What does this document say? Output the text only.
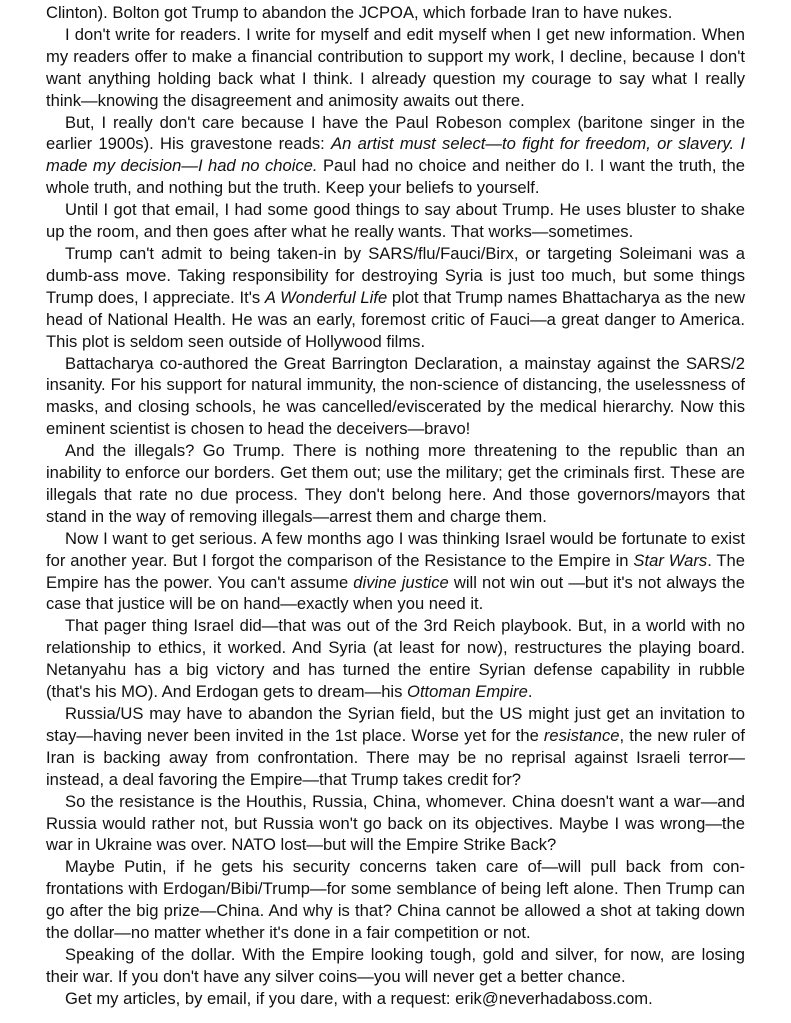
Clinton). Bolton got Trump to abandon the JCPOA, which forbade Iran to have nukes.

I don't write for readers. I write for myself and edit myself when I get new information. When my readers offer to make a financial contribution to support my work, I decline, because I don't want anything holding back what I think. I already question my courage to say what I really think—knowing the disagreement and animosity awaits out there.

But, I really don't care because I have the Paul Robeson complex (baritone singer in the earlier 1900s). His gravestone reads: An artist must select—to fight for freedom, or slavery. I made my decision—I had no choice. Paul had no choice and neither do I. I want the truth, the whole truth, and nothing but the truth. Keep your beliefs to yourself.

Until I got that email, I had some good things to say about Trump. He uses bluster to shake up the room, and then goes after what he really wants. That works—sometimes.

Trump can't admit to being taken-in by SARS/flu/Fauci/Birx, or targeting Soleimani was a dumb-ass move. Taking responsibility for destroying Syria is just too much, but some things Trump does, I appreciate. It's A Wonderful Life plot that Trump names Bhattacharya as the new head of National Health. He was an early, foremost critic of Fauci—a great danger to America. This plot is seldom seen outside of Hollywood films.

Battacharya co-authored the Great Barrington Declaration, a mainstay against the SARS/2 insanity. For his support for natural immunity, the non-science of distancing, the uselessness of masks, and closing schools, he was cancelled/eviscerated by the medical hierarchy. Now this eminent scientist is chosen to head the deceivers—bravo!

And the illegals? Go Trump. There is nothing more threatening to the republic than an inability to enforce our borders. Get them out; use the military; get the criminals first. These are illegals that rate no due process. They don't belong here. And those governors/mayors that stand in the way of removing illegals—arrest them and charge them.

Now I want to get serious. A few months ago I was thinking Israel would be fortunate to exist for another year. But I forgot the comparison of the Resistance to the Empire in Star Wars. The Empire has the power. You can't assume divine justice will not win out —but it's not always the case that justice will be on hand—exactly when you need it.

That pager thing Israel did—that was out of the 3rd Reich playbook. But, in a world with no relationship to ethics, it worked. And Syria (at least for now), restructures the playing board. Netanyahu has a big victory and has turned the entire Syrian defense capability in rubble (that's his MO). And Erdogan gets to dream—his Ottoman Empire.

Russia/US may have to abandon the Syrian field, but the US might just get an invitation to stay—having never been invited in the 1st place. Worse yet for the resistance, the new ruler of Iran is backing away from confrontation. There may be no reprisal against Israeli terror—instead, a deal favoring the Empire—that Trump takes credit for?

So the resistance is the Houthis, Russia, China, whomever. China doesn't want a war—and Russia would rather not, but Russia won't go back on its objectives. Maybe I was wrong—the war in Ukraine was over. NATO lost—but will the Empire Strike Back?

Maybe Putin, if he gets his security concerns taken care of—will pull back from confrontations with Erdogan/Bibi/Trump—for some semblance of being left alone. Then Trump can go after the big prize—China. And why is that? China cannot be allowed a shot at taking down the dollar—no matter whether it's done in a fair competition or not.

Speaking of the dollar. With the Empire looking tough, gold and silver, for now, are losing their war. If you don't have any silver coins—you will never get a better chance.

Get my articles, by email, if you dare, with a request: erik@neverhadaboss.com.
